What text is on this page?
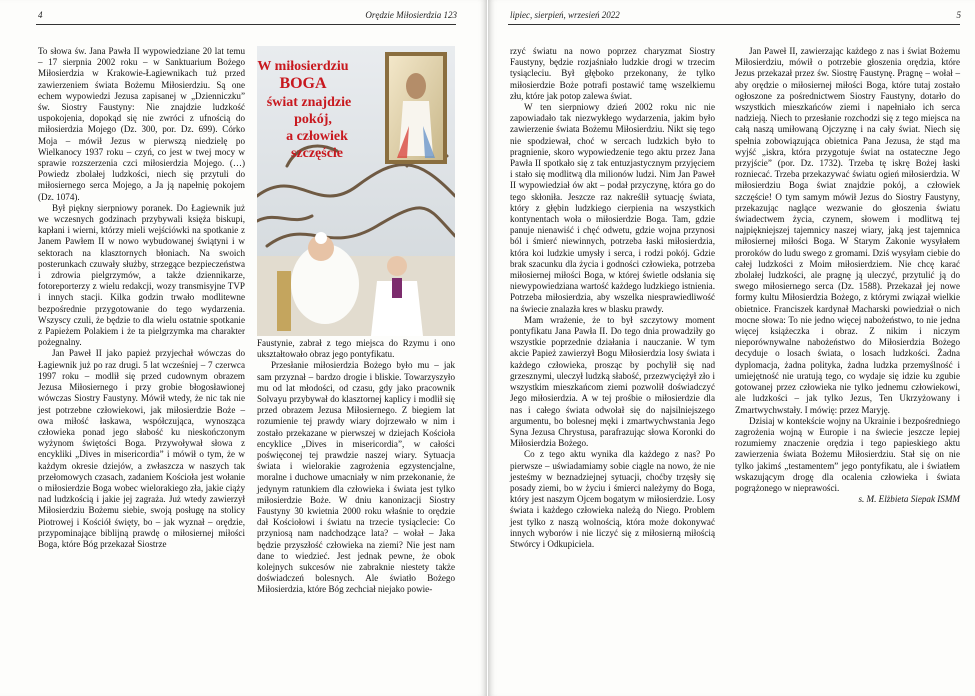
4	Orędzie Miłosierdzia 123

To słowa św. Jana Pawła II wypowiedziane 20 lat temu – 17 sierpnia 2002 roku – w Sanktuarium Bożego Miłosierdzia w Krakowie-Łagiewnikach tuż przed zawierzeniem świata Bożemu Miłosierdziu. Są one echem wypowiedzi Jezusa zapisanej w „Dzienniczku” św. Siostry Faustyny: Nie znajdzie ludzkość uspokojenia, dopokąd się nie zwróci z ufnością do miłosierdzia Mojego (Dz. 300, por. Dz. 699). Córko Moja – mówił Jezus w pierwszą niedzielę po Wielkanocy 1937 roku – czyń, co jest w twej mocy w sprawie rozszerzenia czci miłosierdzia Mojego. (…) Powiedz zbolałej ludzkości, niech się przytuli do miłosiernego serca Mojego, a Ja ją napełnię pokojem (Dz. 1074).

Był piękny sierpniowy poranek. Do Łagiewnik już we wczesnych godzinach przybywali księża biskupi, kapłani i wierni, którzy mieli wejściówki na spotkanie z Janem Pawłem II w nowo wybudowanej świątyni i w sektorach na klasztornych błoniach. Na swoich posterunkach czuwały służby, strzegące bezpieczeństwa i zdrowia pielgrzymów, a także dziennikarze, fotoreporterzy z wielu redakcji, wozy transmisyjne TVP i innych stacji. Kilka godzin trwało modlitewne bezpośrednie przygotowanie do tego wydarzenia. Wszyscy czuli, że będzie to dla wielu ostatnie spotkanie z Papieżem Polakiem i że ta pielgrzymka ma charakter pożegnalny.

Jan Paweł II jako papież przyjechał wówczas do Łagiewnik już po raz drugi. 5 lat wcześniej – 7 czerwca 1997 roku – modlił się przed cudownym obrazem Jezusa Miłosiernego i przy grobie błogosławionej wówczas Siostry Faustyny. Mówił wtedy, że nic tak nie jest potrzebne człowiekowi, jak miłosierdzie Boże – owa miłość łaskawa, współczująca, wynosząca człowieka ponad jego słabość ku nieskończonym wyżynom świętości Boga. Przywoływał słowa z encykliki „Dives in misericordia” i mówił o tym, że w każdym okresie dziejów, a zwłaszcza w naszych tak przełomowych czasach, zadaniem Kościoła jest wołanie o miłosierdzie Boga wobec wielorakiego zła, jakie ciąży nad ludzkością i jakie jej zagraża. Już wtedy zawierzył Miłosierdziu Bożemu siebie, swoją posługę na stolicy Piotrowej i Kościół święty, bo – jak wyznał – orędzie, przypominające biblijną prawdę o miłosiernej miłości Boga, które Bóg przekazał Siostrze

W miłosierdziu
BOGA
świat znajdzie
pokój,
a człowiek
szczęście

Faustynie, zabrał z tego miejsca do Rzymu i ono ukształtowało obraz jego pontyfikatu.

Przesłanie miłosierdzia Bożego było mu – jak sam przyznał – bardzo drogie i bliskie. Towarzyszyło mu od lat młodości, od czasu, gdy jako pracownik Solvayu przybywał do klasztornej kaplicy i modlił się przed obrazem Jezusa Miłosiernego. Z biegiem lat rozumienie tej prawdy wiary dojrzewało w nim i zostało przekazane w pierwszej w dziejach Kościoła encyklice „Dives in misericordia”, w całości poświęconej tej prawdzie naszej wiary. Sytuacja świata i wielorakie zagrożenia egzystencjalne, moralne i duchowe umacniały w nim przekonanie, że jedynym ratunkiem dla człowieka i świata jest tylko miłosierdzie Boże. W dniu kanonizacji Siostry Faustyny 30 kwietnia 2000 roku właśnie to orędzie dał Kościołowi i światu na trzecie tysiąclecie: Co przyniosą nam nadchodzące lata? – wołał – Jaka będzie przyszłość człowieka na ziemi? Nie jest nam dane to wiedzieć. Jest jednak pewne, że obok kolejnych sukcesów nie zabraknie niestety także doświadczeń bolesnych. Ale światło Bożego Miłosierdzia, które Bóg zechciał niejako powie-

lipiec, sierpień, wrzesień 2022	5

rzyć światu na nowo poprzez charyzmat Siostry Faustyny, będzie rozjaśniało ludzkie drogi w trzecim tysiącleciu. Był głęboko przekonany, że tylko miłosierdzie Boże potrafi postawić tamę wszelkiemu złu, które jak potop zalewa świat.

W ten sierpniowy dzień 2002 roku nic nie zapowiadało tak niezwykłego wydarzenia, jakim było zawierzenie świata Bożemu Miłosierdziu. Nikt się tego nie spodziewał, choć w sercach ludzkich było to pragnienie, skoro wypowiedzenie tego aktu przez Jana Pawła II spotkało się z tak entuzjastycznym przyjęciem i stało się modlitwą dla milionów ludzi. Nim Jan Paweł II wypowiedział ów akt – podał przyczynę, która go do tego skłoniła. Jeszcze raz nakreślił sytuację świata, który z głębin ludzkiego cierpienia na wszystkich kontynentach woła o miłosierdzie Boga. Tam, gdzie panuje nienawiść i chęć odwetu, gdzie wojna przynosi ból i śmierć niewinnych, potrzeba łaski miłosierdzia, która koi ludzkie umysły i serca, i rodzi pokój. Gdzie brak szacunku dla życia i godności człowieka, potrzeba miłosiernej miłości Boga, w której świetle odsłania się niewypowiedziana wartość każdego ludzkiego istnienia. Potrzeba miłosierdzia, aby wszelka niesprawiedliwość na świecie znalazła kres w blasku prawdy.

Mam wrażenie, że to był szczytowy moment pontyfikatu Jana Pawła II. Do tego dnia prowadziły go wszystkie poprzednie działania i nauczanie. W tym akcie Papież zawierzył Bogu Miłosierdzia losy świata i każdego człowieka, prosząc by pochylił się nad grzesznymi, uleczył ludzką słabość, przezwyciężył zło i wszystkim mieszkańcom ziemi pozwolił doświadczyć Jego miłosierdzia. A w tej prośbie o miłosierdzie dla nas i całego świata odwołał się do najsilniejszego argumentu, bo bolesnej męki i zmartwychwstania Jego Syna Jezusa Chrystusa, parafrazując słowa Koronki do Miłosierdzia Bożego.

Co z tego aktu wynika dla każdego z nas? Po pierwsze – uświadamiamy sobie ciągle na nowo, że nie jesteśmy w beznadziejnej sytuacji, choćby trzęsły się posady ziemi, bo w życiu i śmierci należymy do Boga, który jest naszym Ojcem bogatym w miłosierdzie. Losy świata i każdego człowieka należą do Niego. Problem jest tylko z naszą wolnością, która może dokonywać innych wyborów i nie liczyć się z miłosierną miłością Stwórcy i Odkupiciela.

Jan Paweł II, zawierzając każdego z nas i świat Bożemu Miłosierdziu, mówił o potrzebie głoszenia orędzia, które Jezus przekazał przez św. Siostrę Faustynę. Pragnę – wołał – aby orędzie o miłosiernej miłości Boga, które tutaj zostało ogłoszone za pośrednictwem Siostry Faustyny, dotarło do wszystkich mieszkańców ziemi i napełniało ich serca nadzieją. Niech to przesłanie rozchodzi się z tego miejsca na całą naszą umiłowaną Ojczyznę i na cały świat. Niech się spełnia zobowiązująca obietnica Pana Jezusa, że stąd ma wyjść „iskra, która przygotuje świat na ostateczne Jego przyjście” (por. Dz. 1732). Trzeba tę iskrę Bożej łaski rozniecać. Trzeba przekazywać światu ogień miłosierdzia. W miłosierdziu Boga świat znajdzie pokój, a człowiek szczęście! O tym samym mówił Jezus do Siostry Faustyny, przekazując naglące wezwanie do głoszenia światu świadectwem życia, czynem, słowem i modlitwą tej najpiękniejszej tajemnicy naszej wiary, jaką jest tajemnica miłosiernej miłości Boga. W Starym Zakonie wysyłałem proroków do ludu swego z gromami. Dziś wysyłam ciebie do całej ludzkości z Moim miłosierdziem. Nie chcę karać zbolałej ludzkości, ale pragnę ją uleczyć, przytulić ją do swego miłosiernego serca (Dz. 1588). Przekazał jej nowe formy kultu Miłosierdzia Bożego, z którymi związał wielkie obietnice. Franciszek kardynał Macharski powiedział o nich mocne słowa: To nie jedno więcej nabożeństwo, to nie jedna więcej książeczka i obraz. Z nikim i niczym nieporównywalne nabożeństwo do Miłosierdzia Bożego decyduje o losach świata, o losach ludzkości. Żadna dyplomacja, żadna polityka, żadna ludzka przemyślność i umiejętność nie uratują tego, co wydaje się idzie ku zgubie gotowanej przez człowieka nie tylko jednemu człowiekowi, ale ludzkości – jak tylko Jezus, Ten Ukrzyżowany i Zmartwychwstały. I mówię: przez Maryję.

Dzisiaj w kontekście wojny na Ukrainie i bezpośredniego zagrożenia wojną w Europie i na świecie jeszcze lepiej rozumiemy znaczenie orędzia i tego papieskiego aktu zawierzenia świata Bożemu Miłosierdziu. Stał się on nie tylko jakimś „testamentem” jego pontyfikatu, ale i światłem wskazującym drogę dla ocalenia człowieka i świata pogrążonego w nieprawości.

s. M. Elżbieta Siepak ISMM
